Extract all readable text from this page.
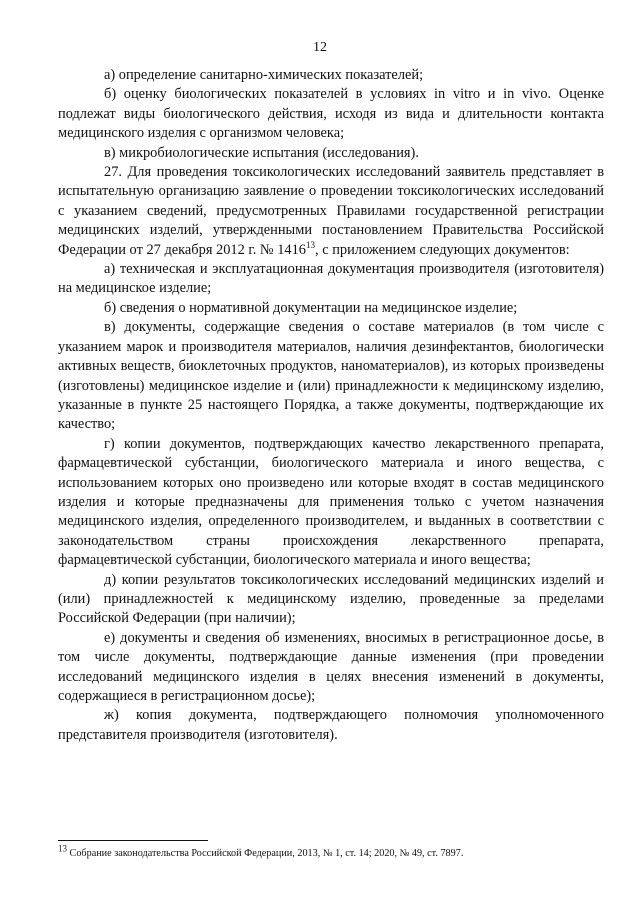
12

а) определение санитарно-химических показателей;

б) оценку биологических показателей в условиях in vitro и in vivo. Оценке подлежат виды биологического действия, исходя из вида и длительности контакта медицинского изделия с организмом человека;

в) микробиологические испытания (исследования).

27. Для проведения токсикологических исследований заявитель представляет в испытательную организацию заявление о проведении токсикологических исследований с указанием сведений, предусмотренных Правилами государственной регистрации медицинских изделий, утвержденными постановлением Правительства Российской Федерации от 27 декабря 2012 г. № 1416$^{13}$, с приложением следующих документов:

а) техническая и эксплуатационная документация производителя (изготовителя) на медицинское изделие;

б) сведения о нормативной документации на медицинское изделие;

в) документы, содержащие сведения о составе материалов (в том числе с указанием марок и производителя материалов, наличия дезинфектантов, биологически активных веществ, биоклеточных продуктов, наноматериалов), из которых произведены (изготовлены) медицинское изделие и (или) принадлежности к медицинскому изделию, указанные в пункте 25 настоящего Порядка, а также документы, подтверждающие их качество;

г) копии документов, подтверждающих качество лекарственного препарата, фармацевтической субстанции, биологического материала и иного вещества, с использованием которых оно произведено или которые входят в состав медицинского изделия и которые предназначены для применения только с учетом назначения медицинского изделия, определенного производителем, и выданных в соответствии с законодательством страны происхождения лекарственного препарата, фармацевтической субстанции, биологического материала и иного вещества;

д) копии результатов токсикологических исследований медицинских изделий и (или) принадлежностей к медицинскому изделию, проведенные за пределами Российской Федерации (при наличии);

е) документы и сведения об изменениях, вносимых в регистрационное досье, в том числе документы, подтверждающие данные изменения (при проведении исследований медицинского изделия в целях внесения изменений в документы, содержащиеся в регистрационном досье);

ж) копия документа, подтверждающего полномочия уполномоченного представителя производителя (изготовителя).

$^{13}$ Собрание законодательства Российской Федерации, 2013, № 1, ст. 14; 2020, № 49, ст. 7897.
